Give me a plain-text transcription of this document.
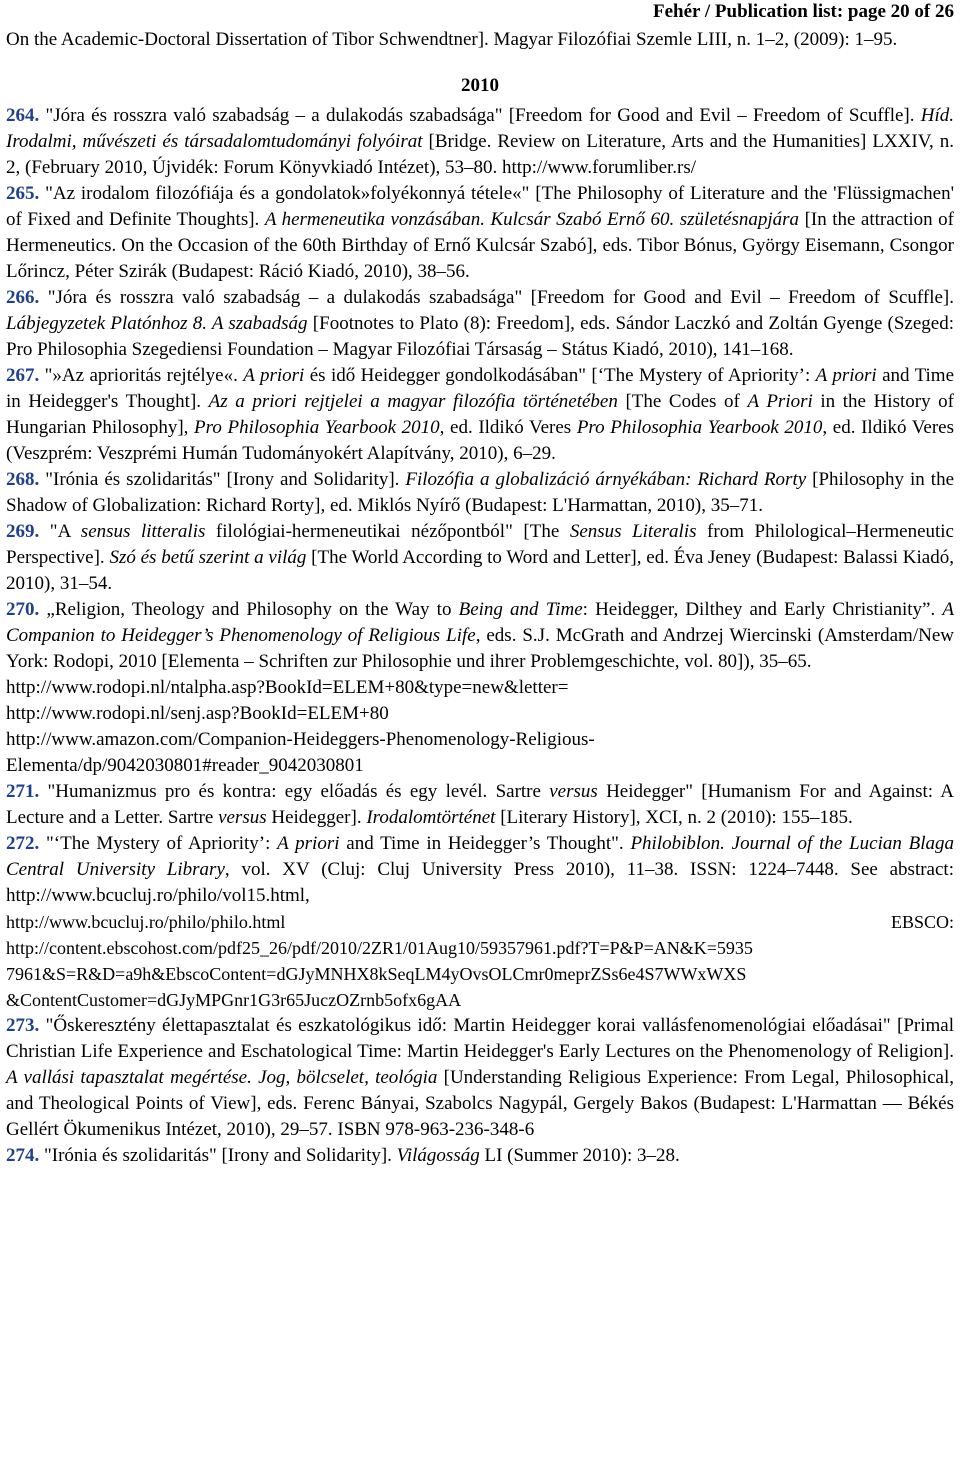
Fehér / Publication list: page 20 of 26

On the Academic-Doctoral Dissertation of Tibor Schwendtner]. Magyar Filozófiai Szemle LIII, n. 1–2, (2009): 1–95.

2010

264. "Jóra és rosszra való szabadság – a dulakodás szabadsága" [Freedom for Good and Evil – Freedom of Scuffle]. Híd. Irodalmi, művészeti és társadalomtudományi folyóirat [Bridge. Review on Literature, Arts and the Humanities] LXXIV, n. 2, (February 2010, Újvidék: Forum Könyvkiadó Intézet), 53–80. http://www.forumliber.rs/

265. "Az irodalom filozófiája és a gondolatok»folyékonnyá tétele«" [The Philosophy of Literature and the 'Flüssigmachen' of Fixed and Definite Thoughts]. A hermeneutika vonzásában. Kulcsár Szabó Ernő 60. születésnapjára [In the attraction of Hermeneutics. On the Occasion of the 60th Birthday of Ernő Kulcsár Szabó], eds. Tibor Bónus, György Eisemann, Csongor Lőrincz, Péter Szirák (Budapest: Ráció Kiadó, 2010), 38–56.

266. "Jóra és rosszra való szabadság – a dulakodás szabadsága" [Freedom for Good and Evil – Freedom of Scuffle]. Lábjegyzetek Platónhoz 8. A szabadság [Footnotes to Plato (8): Freedom], eds. Sándor Laczkó and Zoltán Gyenge (Szeged: Pro Philosophia Szegediensi Foundation – Magyar Filozófiai Társaság – Státus Kiadó, 2010), 141–168.

267. "»Az aprioritás rejtélye«. A priori és idő Heidegger gondolkodásában" [‘The Mystery of Apriority’: A priori and Time in Heidegger's Thought]. Az a priori rejtjelei a magyar filozófia történetében [The Codes of A Priori in the History of Hungarian Philosophy], Pro Philosophia Yearbook 2010, ed. Ildikó Veres Pro Philosophia Yearbook 2010, ed. Ildikó Veres (Veszprém: Veszprémi Humán Tudományokért Alapítvány, 2010), 6–29.

268. "Irónia és szolidaritás" [Irony and Solidarity]. Filozófia a globalizáció árnyékában: Richard Rorty [Philosophy in the Shadow of Globalization: Richard Rorty], ed. Miklós Nyírő (Budapest: L'Harmattan, 2010), 35–71.

269. "A sensus litteralis filológiai-hermeneutikai nézőpontból" [The Sensus Literalis from Philological–Hermeneutic Perspective]. Szó és betű szerint a világ [The World According to Word and Letter], ed. Éva Jeney (Budapest: Balassi Kiadó, 2010), 31–54.

270. „Religion, Theology and Philosophy on the Way to Being and Time: Heidegger, Dilthey and Early Christianity”. A Companion to Heidegger’s Phenomenology of Religious Life, eds. S.J. McGrath and Andrzej Wiercinski (Amsterdam/New York: Rodopi, 2010 [Elementa – Schriften zur Philosophie und ihrer Problemgeschichte, vol. 80]), 35–65.

http://www.rodopi.nl/ntalpha.asp?BookId=ELEM+80&type=new&letter=
http://www.rodopi.nl/senj.asp?BookId=ELEM+80
http://www.amazon.com/Companion-Heideggers-Phenomenology-Religious-
Elementa/dp/9042030801#reader_9042030801

271. "Humanizmus pro és kontra: egy előadás és egy levél. Sartre versus Heidegger" [Humanism For and Against: A Lecture and a Letter. Sartre versus Heidegger]. Irodalomtörténet [Literary History], XCI, n. 2 (2010): 155–185.

272. "‘The Mystery of Apriority’: A priori and Time in Heidegger’s Thought". Philobiblon. Journal of the Lucian Blaga Central University Library, vol. XV (Cluj: Cluj University Press 2010), 11–38. ISSN: 1224–7448. See abstract: http://www.bcucluj.ro/philo/vol15.html,

http://www.bcucluj.ro/philo/philo.html	EBSCO:
http://content.ebscohost.com/pdf25_26/pdf/2010/2ZR1/01Aug10/59357961.pdf?T=P&P=AN&K=5935
7961&S=R&D=a9h&EbscoContent=dGJyMNHX8kSeqLM4yOvsOLCmr0meprZSs6e4S7WWxWXS
&ContentCustomer=dGJyMPGnr1G3r65JuczOZrnb5ofx6gAA

273. "Őskeresztény élettapasztalat és eszkatológikus idő: Martin Heidegger korai vallásfenomenológiai előadásai" [Primal Christian Life Experience and Eschatological Time: Martin Heidegger's Early Lectures on the Phenomenology of Religion]. A vallási tapasztalat megértése. Jog, bölcselet, teológia [Understanding Religious Experience: From Legal, Philosophical, and Theological Points of View], eds. Ferenc Bányai, Szabolcs Nagypál, Gergely Bakos (Budapest: L'Harmattan ― Békés Gellért Ökumenikus Intézet, 2010), 29–57. ISBN 978-963-236-348-6

274. "Irónia és szolidaritás" [Irony and Solidarity]. Világosság LI (Summer 2010): 3–28.
